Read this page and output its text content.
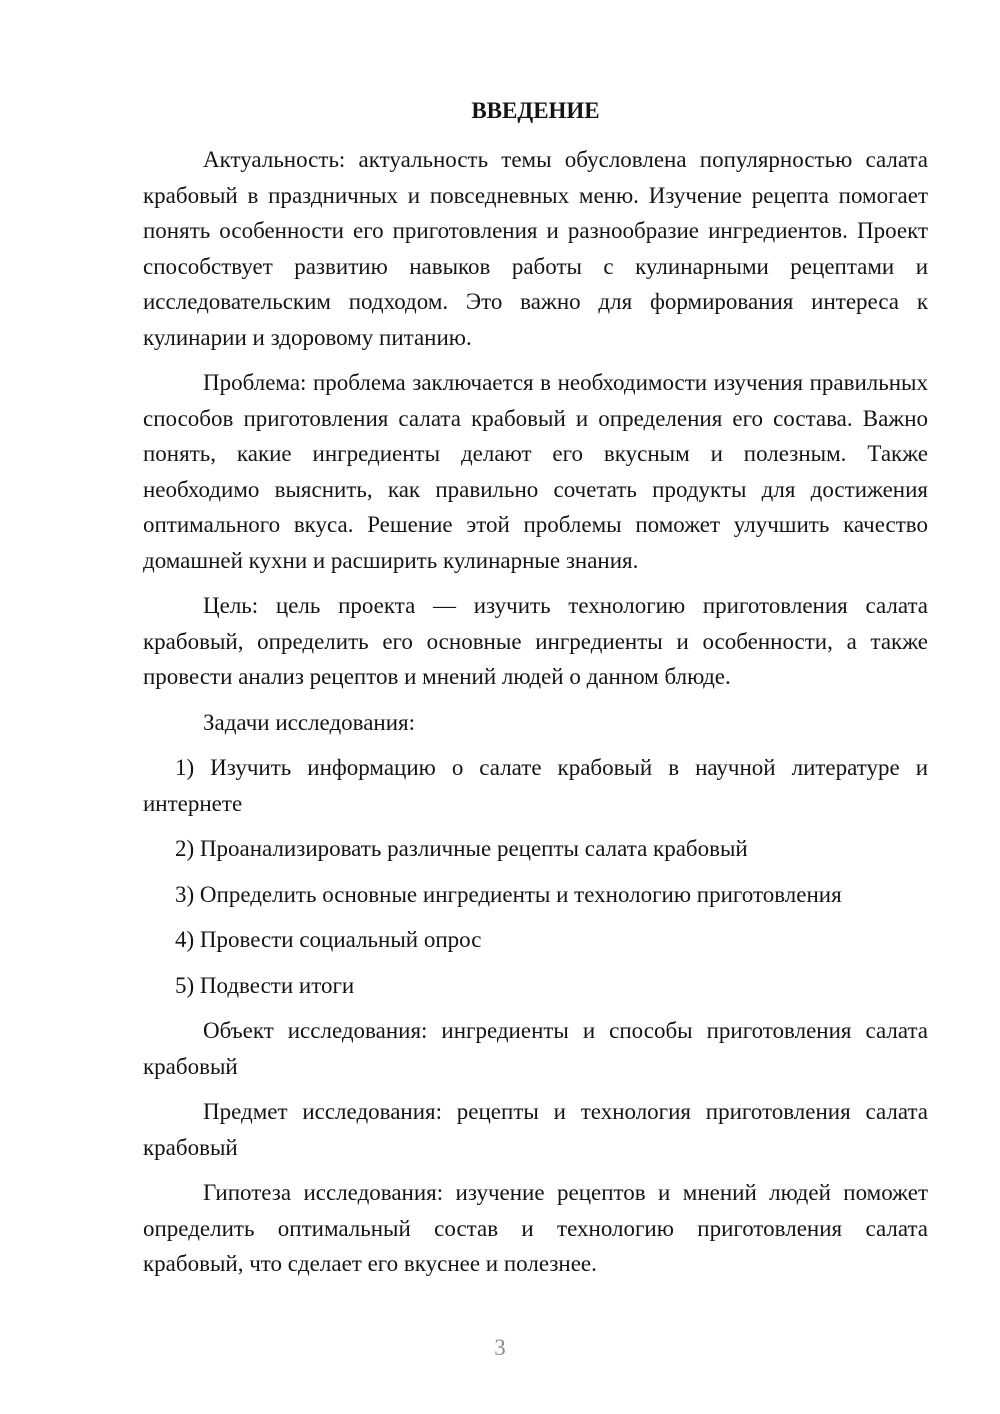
ВВЕДЕНИЕ

Актуальность: актуальность темы обусловлена популярностью салата крабовый в праздничных и повседневных меню. Изучение рецепта помогает понять особенности его приготовления и разнообразие ингредиентов. Проект способствует развитию навыков работы с кулинарными рецептами и исследовательским подходом. Это важно для формирования интереса к кулинарии и здоровому питанию.

Проблема: проблема заключается в необходимости изучения правильных способов приготовления салата крабовый и определения его состава. Важно понять, какие ингредиенты делают его вкусным и полезным. Также необходимо выяснить, как правильно сочетать продукты для достижения оптимального вкуса. Решение этой проблемы поможет улучшить качество домашней кухни и расширить кулинарные знания.

Цель: цель проекта — изучить технологию приготовления салата крабовый, определить его основные ингредиенты и особенности, а также провести анализ рецептов и мнений людей о данном блюде.

Задачи исследования:

1) Изучить информацию о салате крабовый в научной литературе и интернете

2) Проанализировать различные рецепты салата крабовый

3) Определить основные ингредиенты и технологию приготовления

4) Провести социальный опрос

5) Подвести итоги

Объект исследования: ингредиенты и способы приготовления салата крабовый

Предмет исследования: рецепты и технология приготовления салата крабовый

Гипотеза исследования: изучение рецептов и мнений людей поможет определить оптимальный состав и технологию приготовления салата крабовый, что сделает его вкуснее и полезнее.

3
